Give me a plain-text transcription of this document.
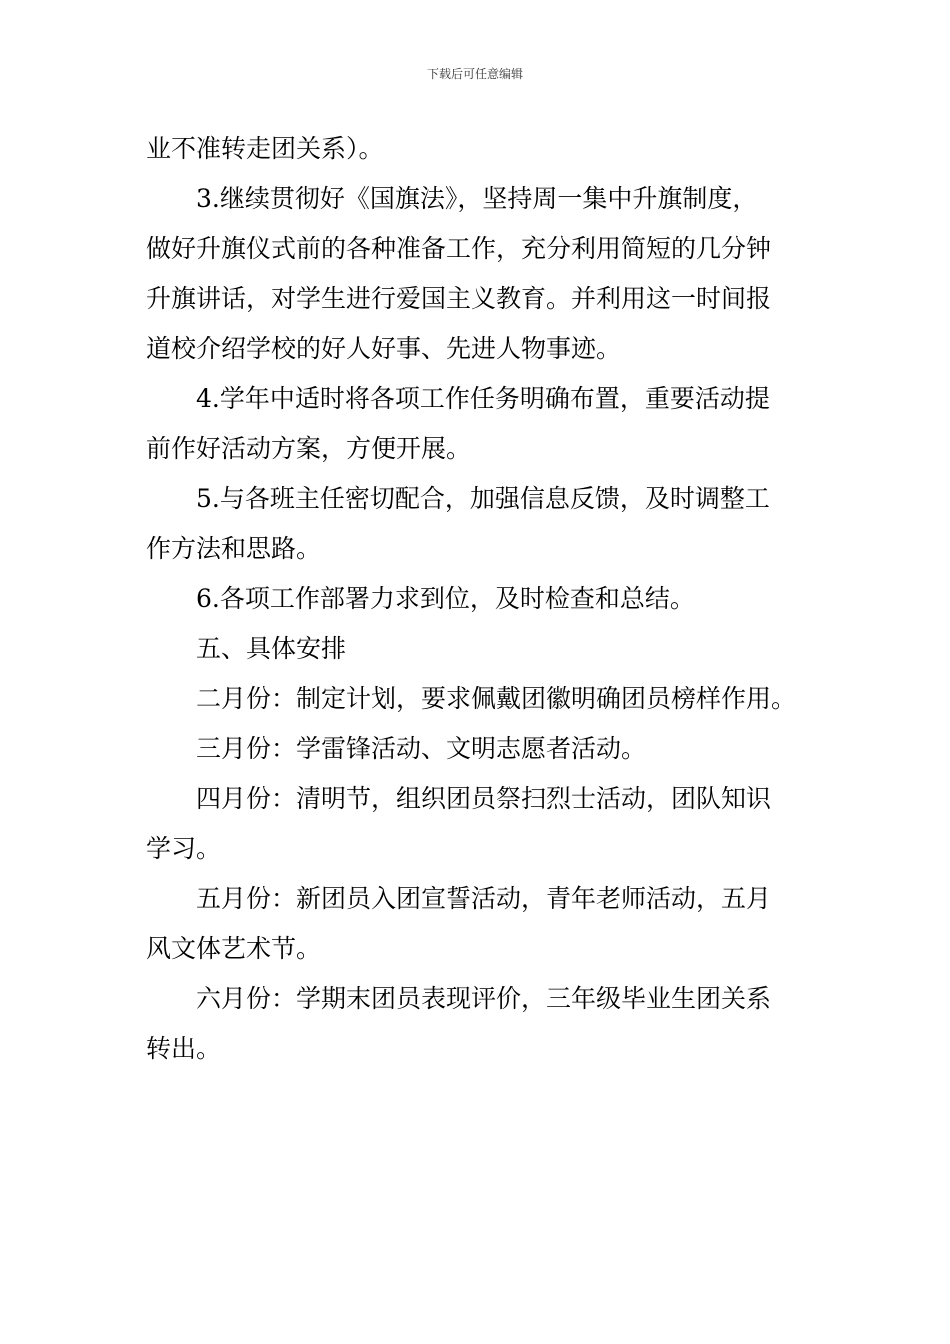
下载后可任意编辑
业不准转走团关系）。
3.继续贯彻好《国旗法》，坚持周一集中升旗制度，
做好升旗仪式前的各种准备工作，充分利用简短的几分钟
升旗讲话，对学生进行爱国主义教育。并利用这一时间报
道校介绍学校的好人好事、先进人物事迹。
4.学年中适时将各项工作任务明确布置，重要活动提
前作好活动方案，方便开展。
5.与各班主任密切配合，加强信息反馈，及时调整工
作方法和思路。
6.各项工作部署力求到位，及时检查和总结。
五、具体安排
二月份：制定计划，要求佩戴团徽明确团员榜样作用。
三月份：学雷锋活动、文明志愿者活动。
四月份：清明节，组织团员祭扫烈士活动，团队知识
学习。
五月份：新团员入团宣誓活动，青年老师活动，五月
风文体艺术节。
六月份：学期末团员表现评价，三年级毕业生团关系
转出。
